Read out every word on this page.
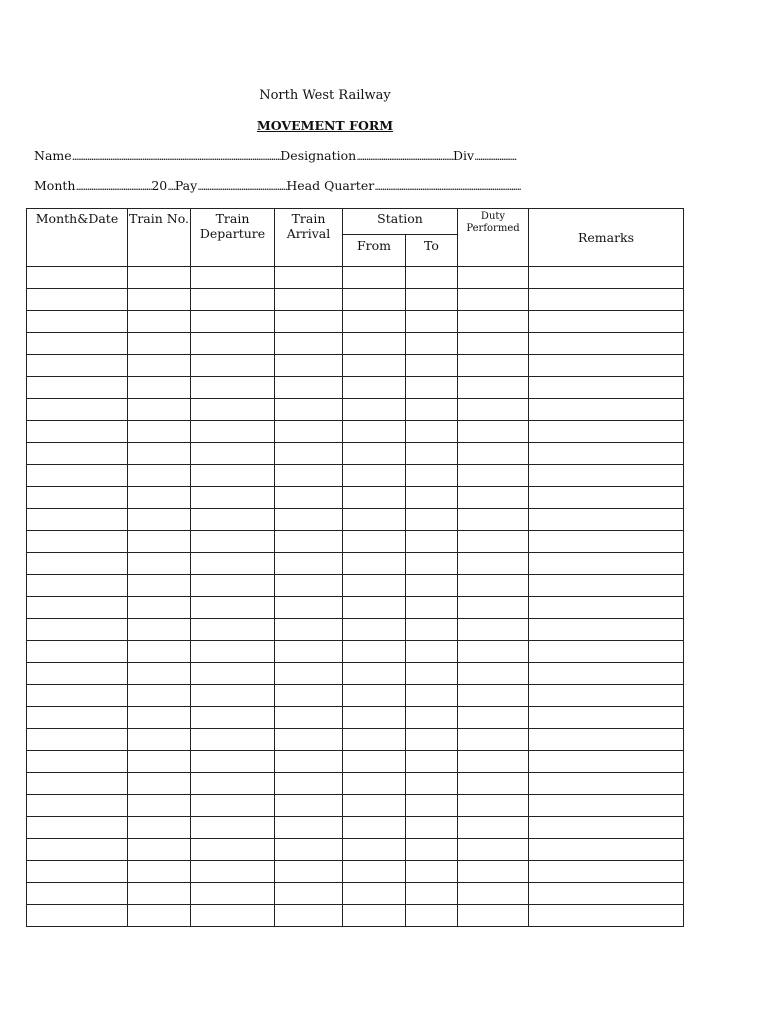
North West Railway
MOVEMENT FORM
Name..............................................................................................................Designation...................................................Div......................
Month........................................20....Pay...............................................Head Quarter.............................................................................
Month&Date	Train No.	Train Departure	Train Arrival	Station		Duty Performed	Remarks
				From	To		
